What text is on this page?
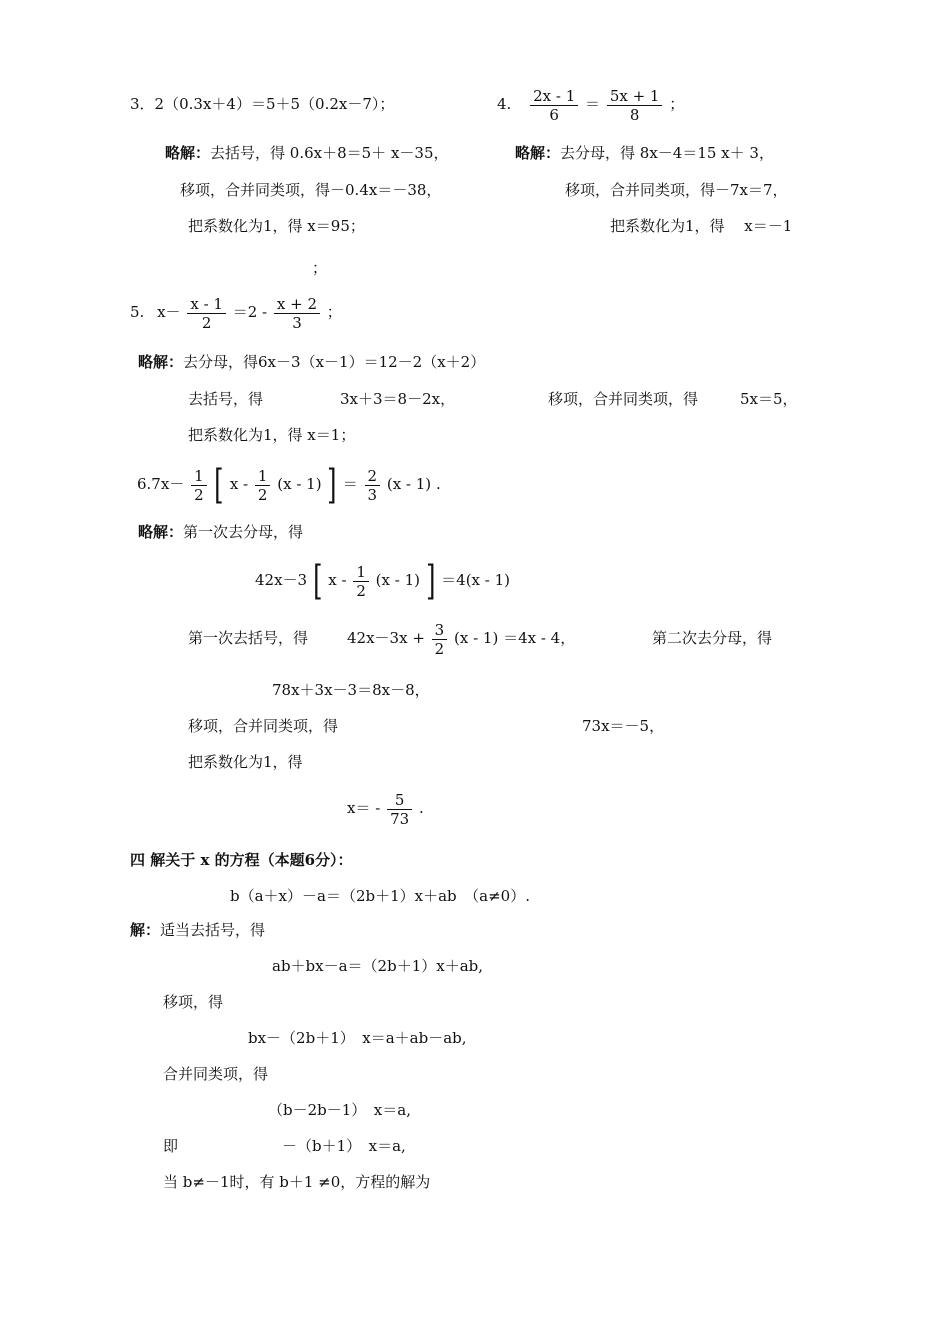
3．2（0.3x＋4）＝5＋5（0.2x－7）；
略解：去括号，得 0.6x＋8＝5＋ x－35，
移项，合并同类项，得－0.4x＝－38，
把系数化为1，得 x＝95；
；
4. $\frac{2x - 1}{6} = \frac{5x + 1}{8}$ ；
略解：去分母，得 8x－4＝15 x＋ 3，
移项，合并同类项，得－7x＝7，
把系数化为1，得　 x＝－1
5. $x- \frac{x - 1}{2} =2 - \frac{x + 2}{3}$ ；
略解：去分母，得6x－3（x－1）＝12－2（x＋2）
去括号，得	3x＋3＝8－2x，	移项，合并同类项，得	5x＝5，
把系数化为1，得 x＝1；
$6.7x- \frac{1}{2}$ [ x - $\frac{1}{2} (x - 1)$ ] ＝ $\frac{2}{3} (x - 1)$ .
略解：第一次去分母，得
42x－3 [ x - $\frac{1}{2} (x - 1)$ ] ＝4(x - 1)
第一次去括号，得	$42x-3x + \frac{3}{2} (x - 1) =4x - 4$，	第二次去分母，得
78x＋3x－3＝8x－8，
移项，合并同类项，得	73x＝－5，
把系数化为1，得
$x= - \frac{5}{73}$ .
四 解关于 x 的方程（本题6分）：
b（a＋x）－a＝（2b＋1）x＋ab　（a≠0）.
解：适当去括号，得
ab＋bx－a＝（2b＋1）x＋ab,
移项，得
bx－（2b＋1）　x＝a＋ab－ab,
合并同类项，得
（b－2b－1）　x＝a,
即	－（b＋1）　x＝a,
当 b≠－1时，有 b＋1 ≠0，方程的解为
